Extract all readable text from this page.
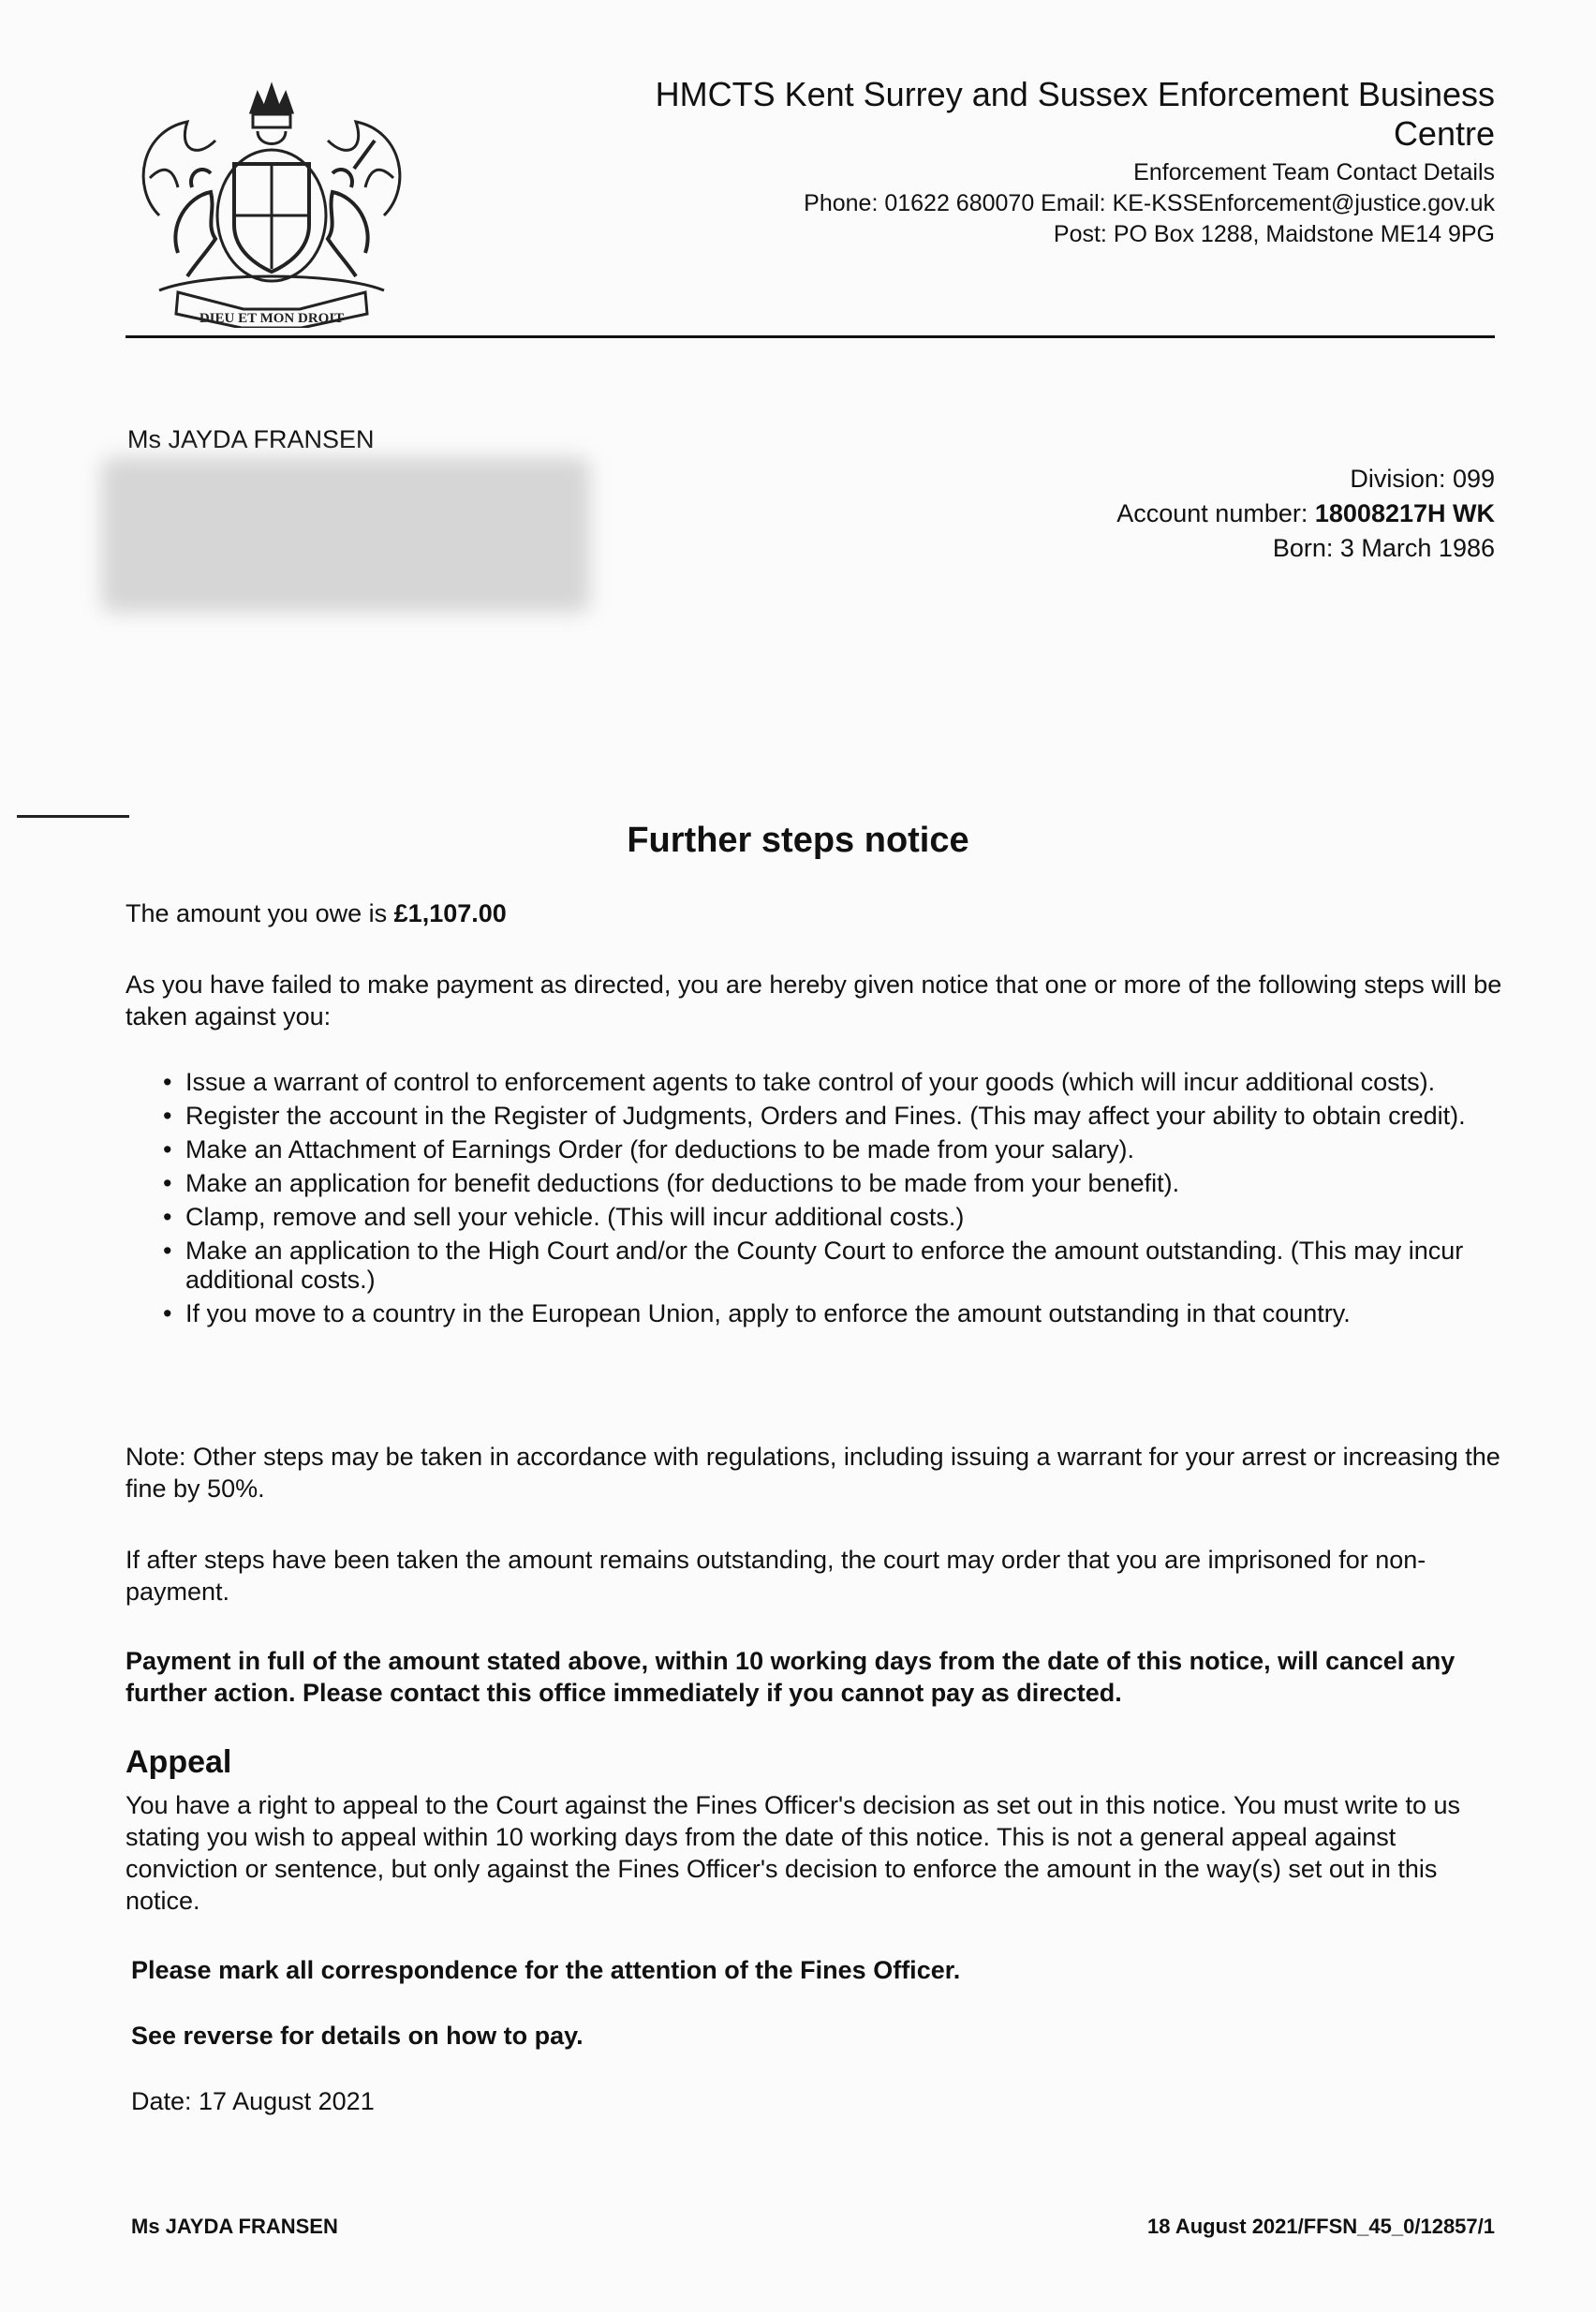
DIEU ET MON DROIT
HMCTS Kent Surrey and Sussex Enforcement Business Centre
Enforcement Team Contact Details
Phone: 01622 680070 Email: KE-KSSEnforcement@justice.gov.uk
Post: PO Box 1288, Maidstone ME14 9PG
Ms JAYDA FRANSEN
Division: 099
Account number: 18008217H WK
Born: 3 March 1986
Further steps notice
The amount you owe is £1,107.00
As you have failed to make payment as directed, you are hereby given notice that one or more of the following steps will be taken against you:
• Issue a warrant of control to enforcement agents to take control of your goods (which will incur additional costs).
• Register the account in the Register of Judgments, Orders and Fines. (This may affect your ability to obtain credit).
• Make an Attachment of Earnings Order (for deductions to be made from your salary).
• Make an application for benefit deductions (for deductions to be made from your benefit).
• Clamp, remove and sell your vehicle. (This will incur additional costs.)
• Make an application to the High Court and/or the County Court to enforce the amount outstanding. (This may incur additional costs.)
• If you move to a country in the European Union, apply to enforce the amount outstanding in that country.
Note: Other steps may be taken in accordance with regulations, including issuing a warrant for your arrest or increasing the fine by 50%.
If after steps have been taken the amount remains outstanding, the court may order that you are imprisoned for non-payment.
Payment in full of the amount stated above, within 10 working days from the date of this notice, will cancel any further action. Please contact this office immediately if you cannot pay as directed.
Appeal
You have a right to appeal to the Court against the Fines Officer's decision as set out in this notice. You must write to us stating you wish to appeal within 10 working days from the date of this notice. This is not a general appeal against conviction or sentence, but only against the Fines Officer's decision to enforce the amount in the way(s) set out in this notice.
Please mark all correspondence for the attention of the Fines Officer.
See reverse for details on how to pay.
Date: 17 August 2021
Ms JAYDA FRANSEN	18 August 2021/FFSN_45_0/12857/1
